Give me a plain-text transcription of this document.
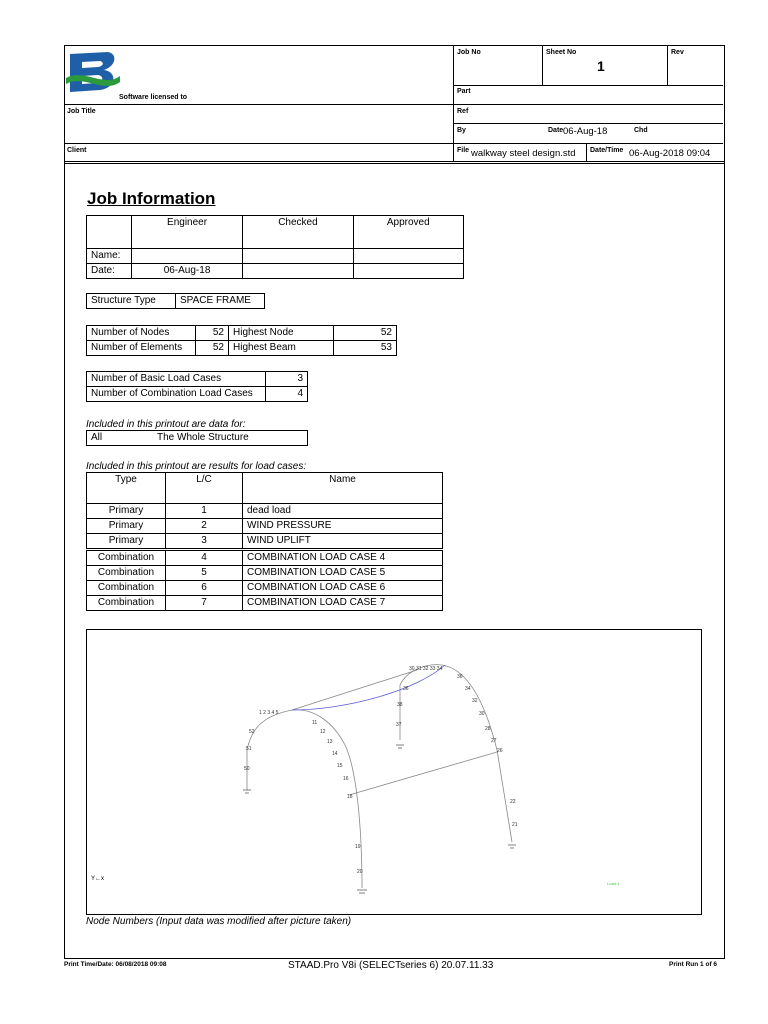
Software licensed to
Job No	Sheet No
1
Rev
Part
Job Title	Ref
By	Date 06-Aug-18	Chd
Client	File walkway steel design.std Date/Time 06-Aug-2018 09:04
Job Information
	Engineer	Checked	Approved
Name:			
Date:	06-Aug-18		
Structure Type	SPACE FRAME
Number of Nodes	52	Highest Node	52
Number of Elements	52	Highest Beam	53
Number of Basic Load Cases	3
Number of Combination Load Cases	4
Included in this printout are data for:
All	The Whole Structure
Included in this printout are results for load cases:
Type	L/C	Name
Primary	1	dead load
Primary	2	WIND PRESSURE
Primary	3	WIND UPLIFT
Combination	4	COMBINATION LOAD CASE 4
Combination	5	COMBINATION LOAD CASE 5
Combination	6	COMBINATION LOAD CASE 6
Combination	7	COMBINATION LOAD CASE 7
1 2 3 4 5
52
51
50
11
12
13
14
15
16
18
19
20
30 31 32 33 34
36
38
37
36
34
32
30
28
27
26
22
21
Y←x
Load 1
Node Numbers (Input data was modified after picture taken)
Print Time/Date: 06/08/2018 09:08	STAAD.Pro V8i (SELECTseries 6) 20.07.11.33	Print Run 1 of 6
